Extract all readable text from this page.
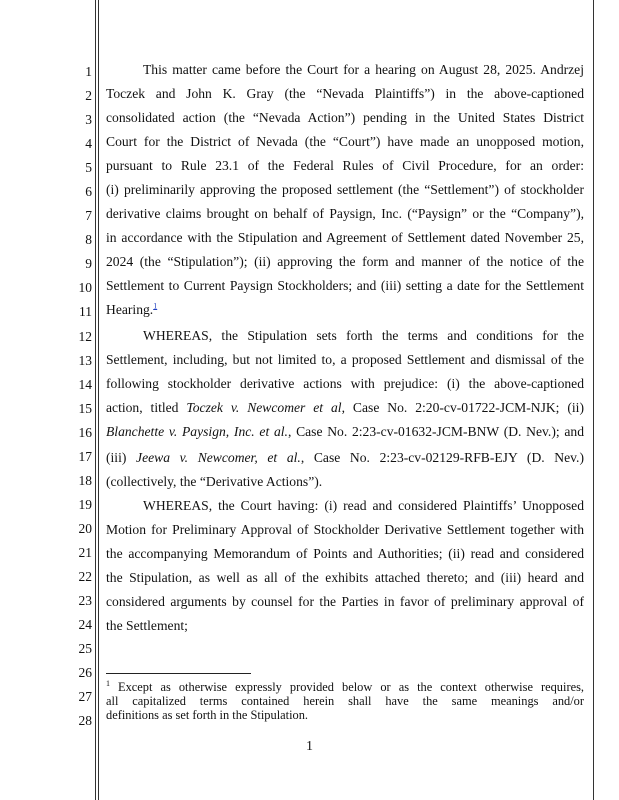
1
2
3
4
5
6
7
8
9
10
11
12
13
14
15
16
17
18
19
20
21
22
23
24
25
26
27
28
This matter came before the Court for a hearing on August 28, 2025. Andrzej
Toczek and John K. Gray (the “Nevada Plaintiffs”) in the above-captioned
consolidated action (the “Nevada Action”) pending in the United States District
Court for the District of Nevada (the “Court”) have made an unopposed motion,
pursuant to Rule 23.1 of the Federal Rules of Civil Procedure, for an order:
(i) preliminarily approving the proposed settlement (the “Settlement”) of stockholder
derivative claims brought on behalf of Paysign, Inc. (“Paysign” or the “Company”),
in accordance with the Stipulation and Agreement of Settlement dated November 25,
2024 (the “Stipulation”); (ii) approving the form and manner of the notice of the
Settlement to Current Paysign Stockholders; and (iii) setting a date for the Settlement
Hearing.$^1$
WHEREAS, the Stipulation sets forth the terms and conditions for the
Settlement, including, but not limited to, a proposed Settlement and dismissal of the
following stockholder derivative actions with prejudice: (i) the above-captioned
action, titled Toczek v. Newcomer et al, Case No. 2:20-cv-01722-JCM-NJK; (ii)
Blanchette v. Paysign, Inc. et al., Case No. 2:23-cv-01632-JCM-BNW (D. Nev.); and
(iii) Jeewa v. Newcomer, et al., Case No. 2:23-cv-02129-RFB-EJY (D. Nev.)
(collectively, the “Derivative Actions”).
WHEREAS, the Court having: (i) read and considered Plaintiffs’ Unopposed
Motion for Preliminary Approval of Stockholder Derivative Settlement together with
the accompanying Memorandum of Points and Authorities; (ii) read and considered
the Stipulation, as well as all of the exhibits attached thereto; and (iii) heard and
considered arguments by counsel for the Parties in favor of preliminary approval of
the Settlement;
$^1$ Except as otherwise expressly provided below or as the context otherwise requires,
all capitalized terms contained herein shall have the same meanings and/or
definitions as set forth in the Stipulation.
1
